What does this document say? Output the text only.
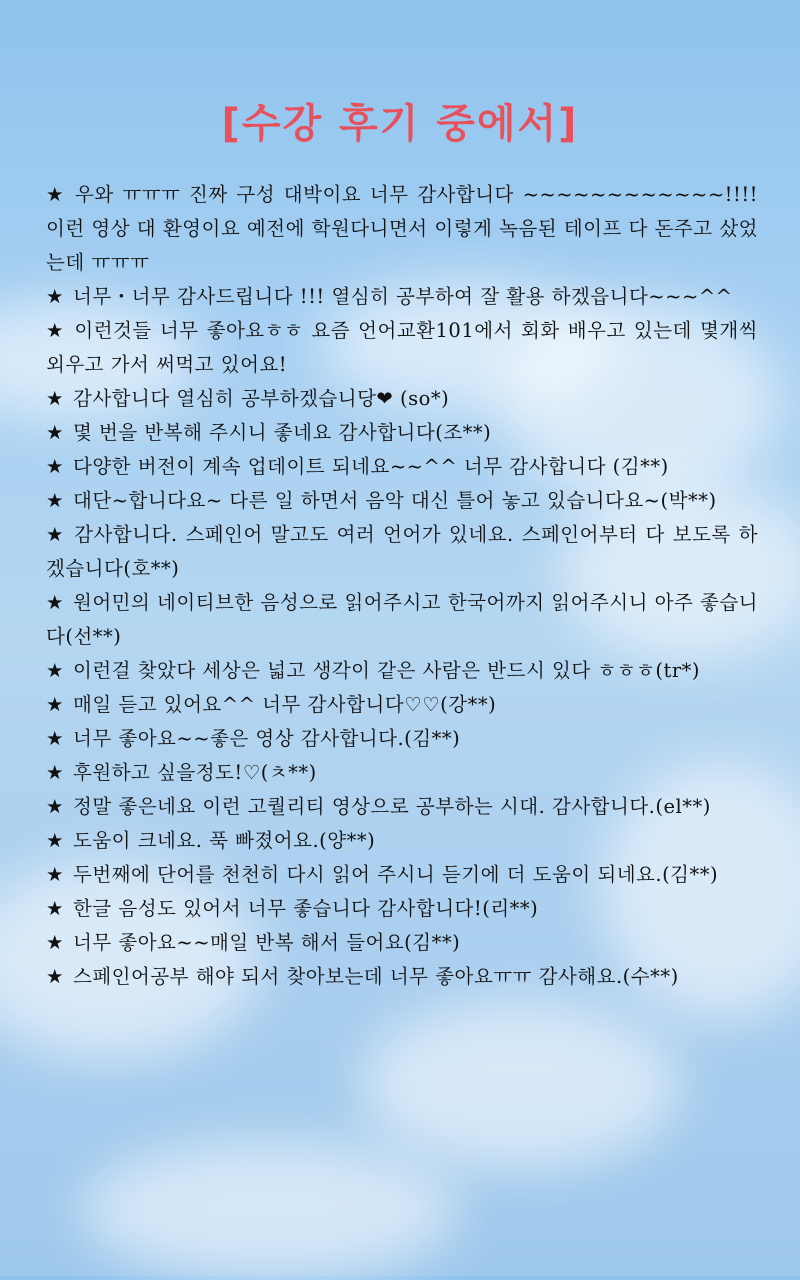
[수강 후기 중에서]
★ 우와 ㅠㅠㅠ 진짜 구성 대박이요 너무 감사합니다 ~~~~~~~~~~~~!!!! 이런 영상 대 환영이요 예전에 학원다니면서 이렇게 녹음된 테이프 다 돈주고 샀었는데 ㅠㅠㅠ
★ 너무・너무 감사드립니다 !!! 열심히 공부하여 잘 활용 하겠읍니다~~~^^
★ 이런것들 너무 좋아요ㅎㅎ 요즘 언어교환101에서 회화 배우고 있는데 몇개씩 외우고 가서 써먹고 있어요!
★ 감사합니다 열심히 공부하겠습니당❤ (so*)
★ 몇 번을 반복해 주시니 좋네요 감사합니다(조**)
★ 다양한 버전이 계속 업데이트 되네요~~^^ 너무 감사합니다 (김**)
★ 대단~합니다요~ 다른 일 하면서 음악 대신 틀어 놓고 있습니다요~(박**)
★ 감사합니다. 스페인어 말고도 여러 언어가 있네요. 스페인어부터 다 보도록 하겠습니다(호**)
★ 원어민의 네이티브한 음성으로 읽어주시고 한국어까지 읽어주시니 아주 좋습니다(선**)
★ 이런걸 찾았다 세상은 넓고 생각이 같은 사람은 반드시 있다 ㅎㅎㅎ(tr*)
★ 매일 듣고 있어요^^ 너무 감사합니다♡♡(강**)
★ 너무 좋아요~~좋은 영상 감사합니다.(김**)
★ 후원하고 싶을정도!♡(ㅊ**)
★ 정말 좋은네요 이런 고퀄리티 영상으로 공부하는 시대. 감사합니다.(el**)
★ 도움이 크네요. 푹 빠졌어요.(양**)
★ 두번째에 단어를 천천히 다시 읽어 주시니 듣기에 더 도움이 되네요.(김**)
★ 한글 음성도 있어서 너무 좋습니다 감사합니다!(리**)
★ 너무 좋아요~~매일 반복 해서 들어요(김**)
★ 스페인어공부 해야 되서 찾아보는데 너무 좋아요ㅠㅠ 감사해요.(수**)
